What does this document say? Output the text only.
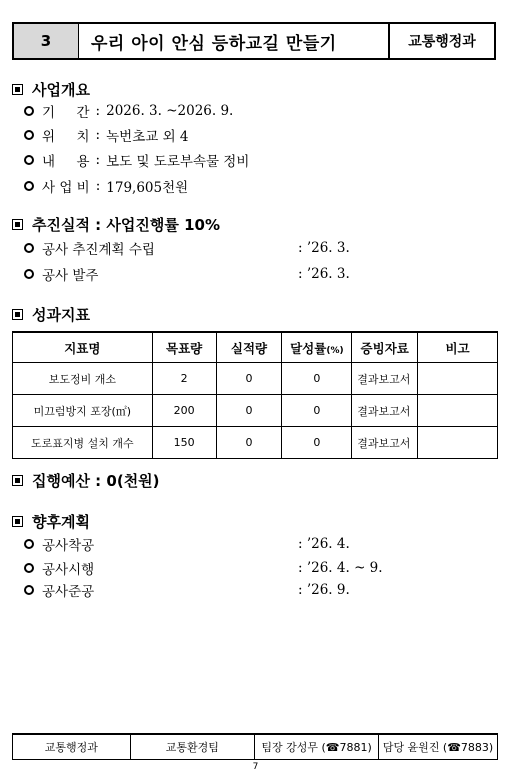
3	우리 아이 안심 등하교길 만들기	교통행정과
사업개요
기     간 : 2026. 3. ~2026. 9.
위     치 : 녹번초교 외 4
내     용 : 보도 및 도로부속물 정비
사 업 비 : 179,605천원
추진실적 : 사업진행률 10%
공사 추진계획 수립	: ’26. 3.
공사 발주	: ’26. 3.
성과지표
지표명	목표량	실적량	달성률(%)	증빙자료	비고
보도정비 개소	2	0	0	결과보고서	
미끄럼방지 포장(㎡)	200	0	0	결과보고서	
도로표지병 설치 개수	150	0	0	결과보고서	
집행예산 : 0(천원)
향후계획
공사착공	: ’26. 4.
공사시행	: ’26. 4. ~ 9.
공사준공	: ’26. 9.
교통행정과	교통환경팀	팀장 강성무 (☎7881)	담당 윤원진 (☎7883)
7
